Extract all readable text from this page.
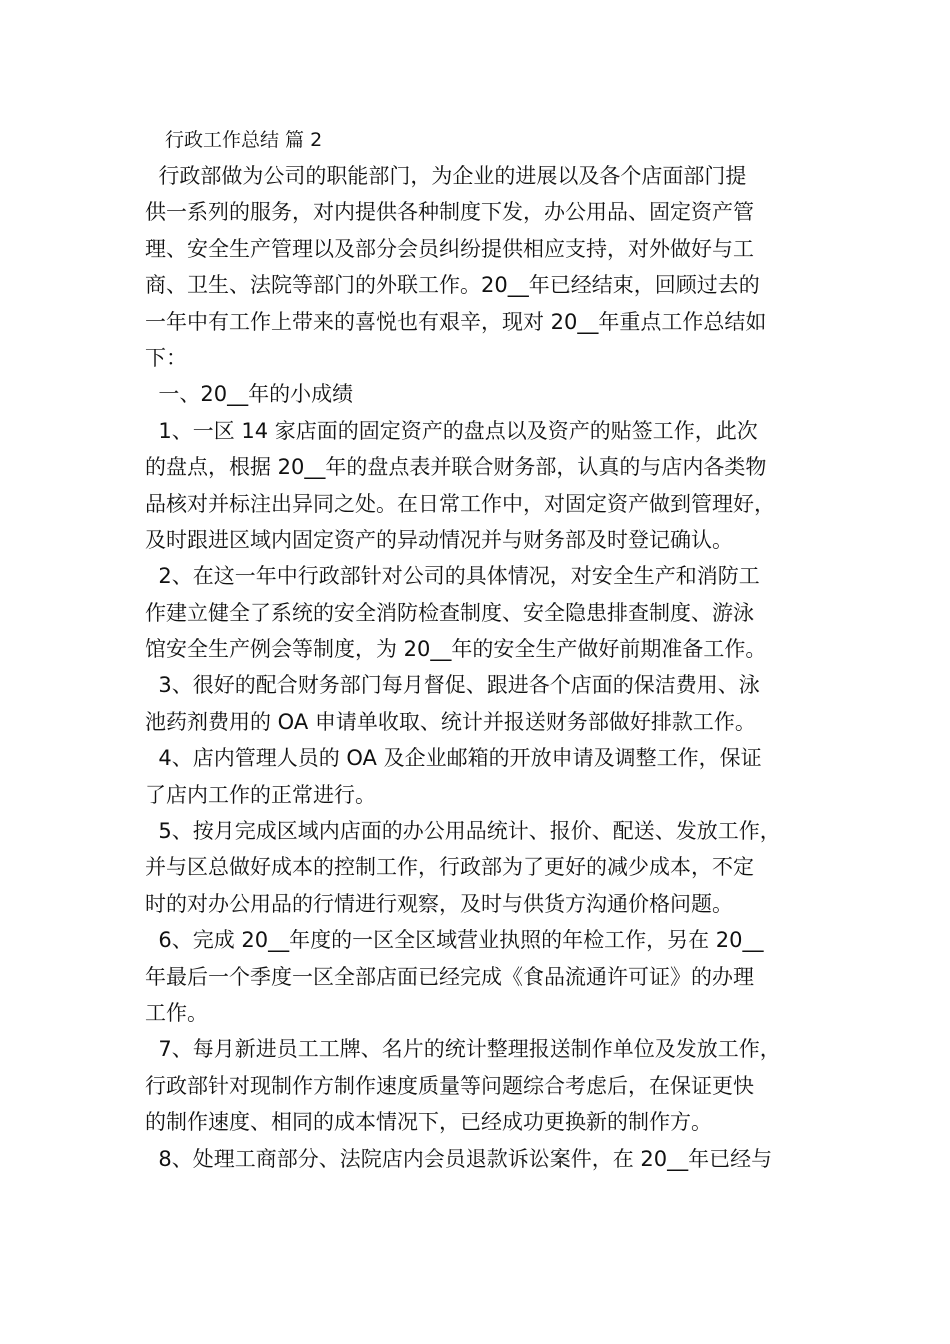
行政工作总结 篇 2
行政部做为公司的职能部门，为企业的进展以及各个店面部门提
供一系列的服务，对内提供各种制度下发，办公用品、固定资产管
理、安全生产管理以及部分会员纠纷提供相应支持，对外做好与工
商、卫生、法院等部门的外联工作。20__年已经结束，回顾过去的
一年中有工作上带来的喜悦也有艰辛，现对 20__年重点工作总结如
下：
一、20__年的小成绩
1、一区 14 家店面的固定资产的盘点以及资产的贴签工作，此次
的盘点，根据 20__年的盘点表并联合财务部，认真的与店内各类物
品核对并标注出异同之处。在日常工作中，对固定资产做到管理好，
及时跟进区域内固定资产的异动情况并与财务部及时登记确认。
2、在这一年中行政部针对公司的具体情况，对安全生产和消防工
作建立健全了系统的安全消防检查制度、安全隐患排查制度、游泳
馆安全生产例会等制度，为 20__年的安全生产做好前期准备工作。
3、很好的配合财务部门每月督促、跟进各个店面的保洁费用、泳
池药剂费用的 OA 申请单收取、统计并报送财务部做好排款工作。
4、店内管理人员的 OA 及企业邮箱的开放申请及调整工作，保证
了店内工作的正常进行。
5、按月完成区域内店面的办公用品统计、报价、配送、发放工作，
并与区总做好成本的控制工作，行政部为了更好的减少成本，不定
时的对办公用品的行情进行观察，及时与供货方沟通价格问题。
6、完成 20__年度的一区全区域营业执照的年检工作，另在 20__
年最后一个季度一区全部店面已经完成《食品流通许可证》的办理
工作。
7、每月新进员工工牌、名片的统计整理报送制作单位及发放工作，
行政部针对现制作方制作速度质量等问题综合考虑后，在保证更快
的制作速度、相同的成本情况下，已经成功更换新的制作方。
8、处理工商部分、法院店内会员退款诉讼案件，在 20__年已经与
